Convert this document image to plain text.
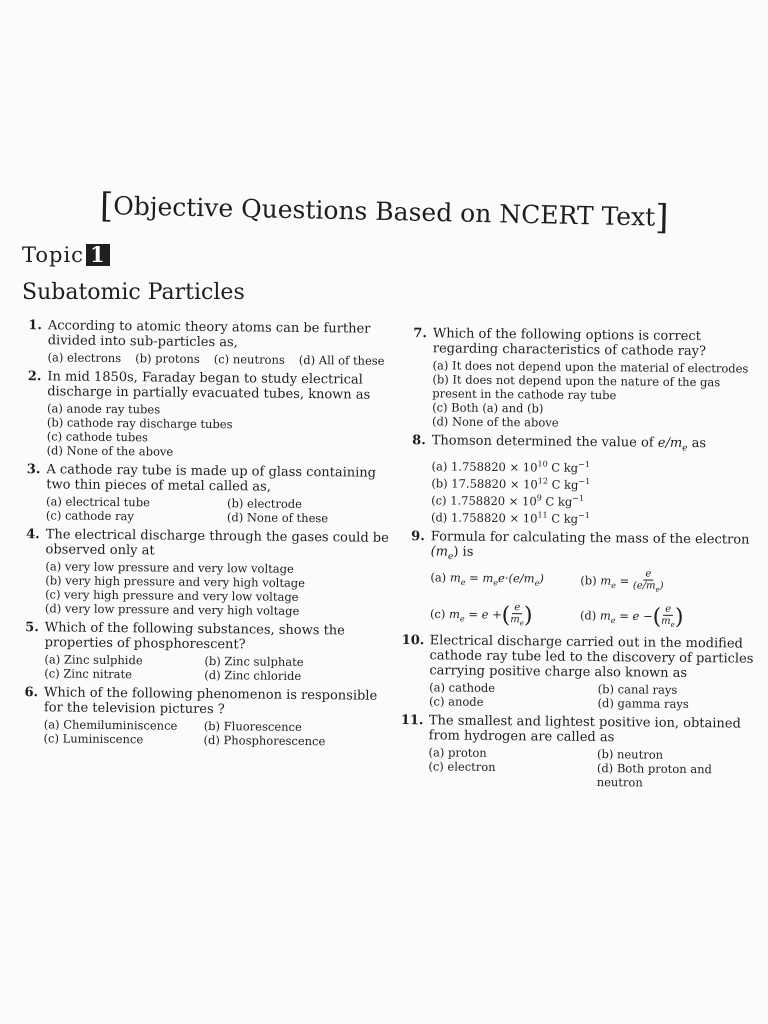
[Objective Questions Based on NCERT Text]
Topic 1
Subatomic Particles
1. According to atomic theory atoms can be further divided into sub-particles as,
(a) electrons (b) protons (c) neutrons (d) All of these
2. In mid 1850s, Faraday began to study electrical discharge in partially evacuated tubes, known as
(a) anode ray tubes
(b) cathode ray discharge tubes
(c) cathode tubes
(d) None of the above
3. A cathode ray tube is made up of glass containing two thin pieces of metal called as,
(a) electrical tube	(b) electrode
(c) cathode ray	(d) None of these
4. The electrical discharge through the gases could be observed only at
(a) very low pressure and very low voltage
(b) very high pressure and very high voltage
(c) very high pressure and very low voltage
(d) very low pressure and very high voltage
5. Which of the following substances, shows the properties of phosphorescent?
(a) Zinc sulphide	(b) Zinc sulphate
(c) Zinc nitrate	(d) Zinc chloride
6. Which of the following phenomenon is responsible for the television pictures ?
(a) Chemiluminiscence	(b) Fluorescence
(c) Luminiscence	(d) Phosphorescence
7. Which of the following options is correct regarding characteristics of cathode ray?
(a) It does not depend upon the material of electrodes
(b) It does not depend upon the nature of the gas present in the cathode ray tube
(c) Both (a) and (b)
(d) None of the above
8. Thomson determined the value of $e/m_e$ as
(a) $1.758820 \times 10^{10}$ C $kg^{-1}$
(b) $17.58820 \times 10^{12}$ C $kg^{-1}$
(c) $1.758820 \times 10^9$ C $kg^{-1}$
(d) $1.758820 \times 10^{11}$ C $kg^{-1}$
9. Formula for calculating the mass of the electron
$(m_e)$ is
(a) $m_e = m_ee\cdot(e/m_e)$	(b) $m_e = \frac{e}{(e/m_e)}$
(c) $m_e = e$ +( $\frac{e}{m_e}$ )	(d) $m_e = e$ −( $\frac{e}{m_e}$ )
10. Electrical discharge carried out in the modified cathode ray tube led to the discovery of particles carrying positive charge also known as
(a) cathode	(b) canal rays
(c) anode	(d) gamma rays
11. The smallest and lightest positive ion, obtained from hydrogen are called as
(a) proton	(b) neutron
(c) electron	(d) Both proton and neutron
